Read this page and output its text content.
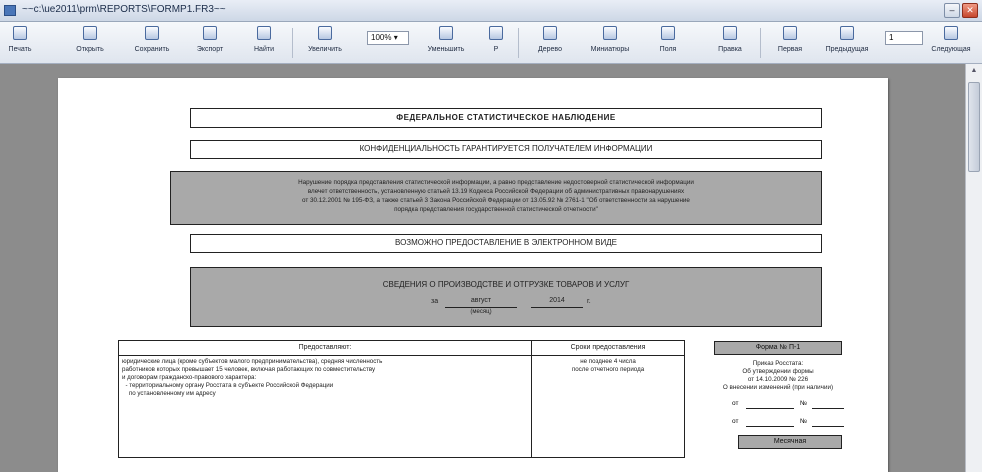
~~c:\ue2011\prm\REPORTS\FORMP1.FR3~~	–	✕
Печать	Открыть	Сохранить	Экспорт	Найти	Увеличить
100% ▾
Уменьшить	Р	Дерево	Миниатюры	Поля	Правка	Первая	Предыдущая
1
Следующая
▲
ФЕДЕРАЛЬНОЕ СТАТИСТИЧЕСКОЕ НАБЛЮДЕНИЕ
КОНФИДЕНЦИАЛЬНОСТЬ ГАРАНТИРУЕТСЯ ПОЛУЧАТЕЛЕМ ИНФОРМАЦИИ
Нарушение порядка представления статистической информации, а равно представление недостоверной статистической информации
влечет ответственность, установленную статьей 13.19 Кодекса Российской Федерации об административных правонарушениях
от 30.12.2001 № 195-ФЗ, а также статьей 3 Закона Российской Федерации от 13.05.92 № 2761-1 "Об ответственности за нарушение
порядка представления государственной статистической отчетности"
ВОЗМОЖНО ПРЕДОСТАВЛЕНИЕ В ЭЛЕКТРОННОМ ВИДЕ
СВЕДЕНИЯ О ПРОИЗВОДСТВЕ И ОТГРУЗКЕ ТОВАРОВ И УСЛУГ
за	август
(месяц)
2014	г.
Предоставляют:	Сроки предоставления
юридические лица (кроме субъектов малого предпринимательства), средняя численность
работников которых превышает 15 человек, включая работающих по совместительству
и договорам гражданско-правового характера:
- территориальному органу Росстата в субъекте Российской Федерации
по установленному им адресу
не позднее 4 числа
после отчетного периода
Форма № П-1
Приказ Росстата:
Об утверждении формы
от 14.10.2009 № 226
О внесении изменений (при наличии)
от	№
от	№
Месячная
